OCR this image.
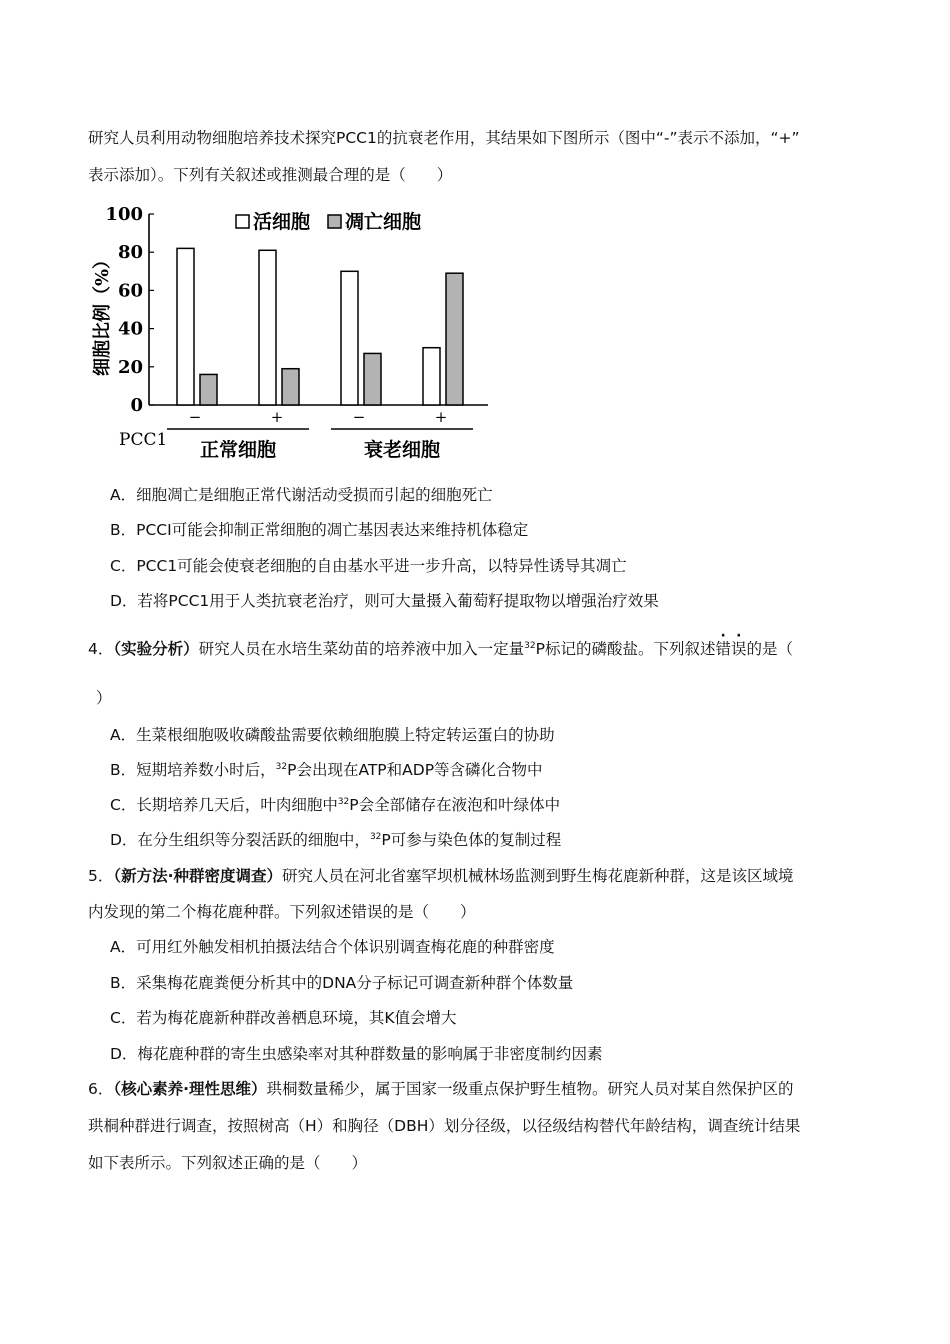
研究人员利用动物细胞培养技术探究PCC1的抗衰老作用，其结果如下图所示（图中“-”表示不添加，“+”
表示添加）。下列有关叙述或推测最合理的是（　　）
0
20
40
60
80
100
细胞比例（%）
−	+	−	+
PCC1 正常细胞	衰老细胞
活细胞 凋亡细胞
A．细胞凋亡是细胞正常代谢活动受损而引起的细胞死亡
B．PCCI可能会抑制正常细胞的凋亡基因表达来维持机体稳定
C．PCC1可能会使衰老细胞的自由基水平进一步升高，以特异性诱导其凋亡
D．若将PCC1用于人类抗衰老治疗，则可大量摄入葡萄籽提取物以增强治疗效果
4．（实验分析）研究人员在水培生菜幼苗的培养液中加入一定量$^{32}$P标记的磷酸盐。下列叙述错误的是（
）
A．生菜根细胞吸收磷酸盐需要依赖细胞膜上特定转运蛋白的协助
B．短期培养数小时后，$^{32}$P会出现在ATP和ADP等含磷化合物中
C．长期培养几天后，叶肉细胞中$^{32}$P会全部储存在液泡和叶绿体中
D．在分生组织等分裂活跃的细胞中，$^{32}$P可参与染色体的复制过程
5．（新方法·种群密度调查）研究人员在河北省塞罕坝机械林场监测到野生梅花鹿新种群，这是该区域境
内发现的第二个梅花鹿种群。下列叙述错误的是（　　）
A．可用红外触发相机拍摄法结合个体识别调查梅花鹿的种群密度
B．采集梅花鹿粪便分析其中的DNA分子标记可调查新种群个体数量
C．若为梅花鹿新种群改善栖息环境，其K值会增大
D．梅花鹿种群的寄生虫感染率对其种群数量的影响属于非密度制约因素
6．（核心素养·理性思维）珙桐数量稀少，属于国家一级重点保护野生植物。研究人员对某自然保护区的
珙桐种群进行调查，按照树高（H）和胸径（DBH）划分径级，以径级结构替代年龄结构，调查统计结果
如下表所示。下列叙述正确的是（　　）
